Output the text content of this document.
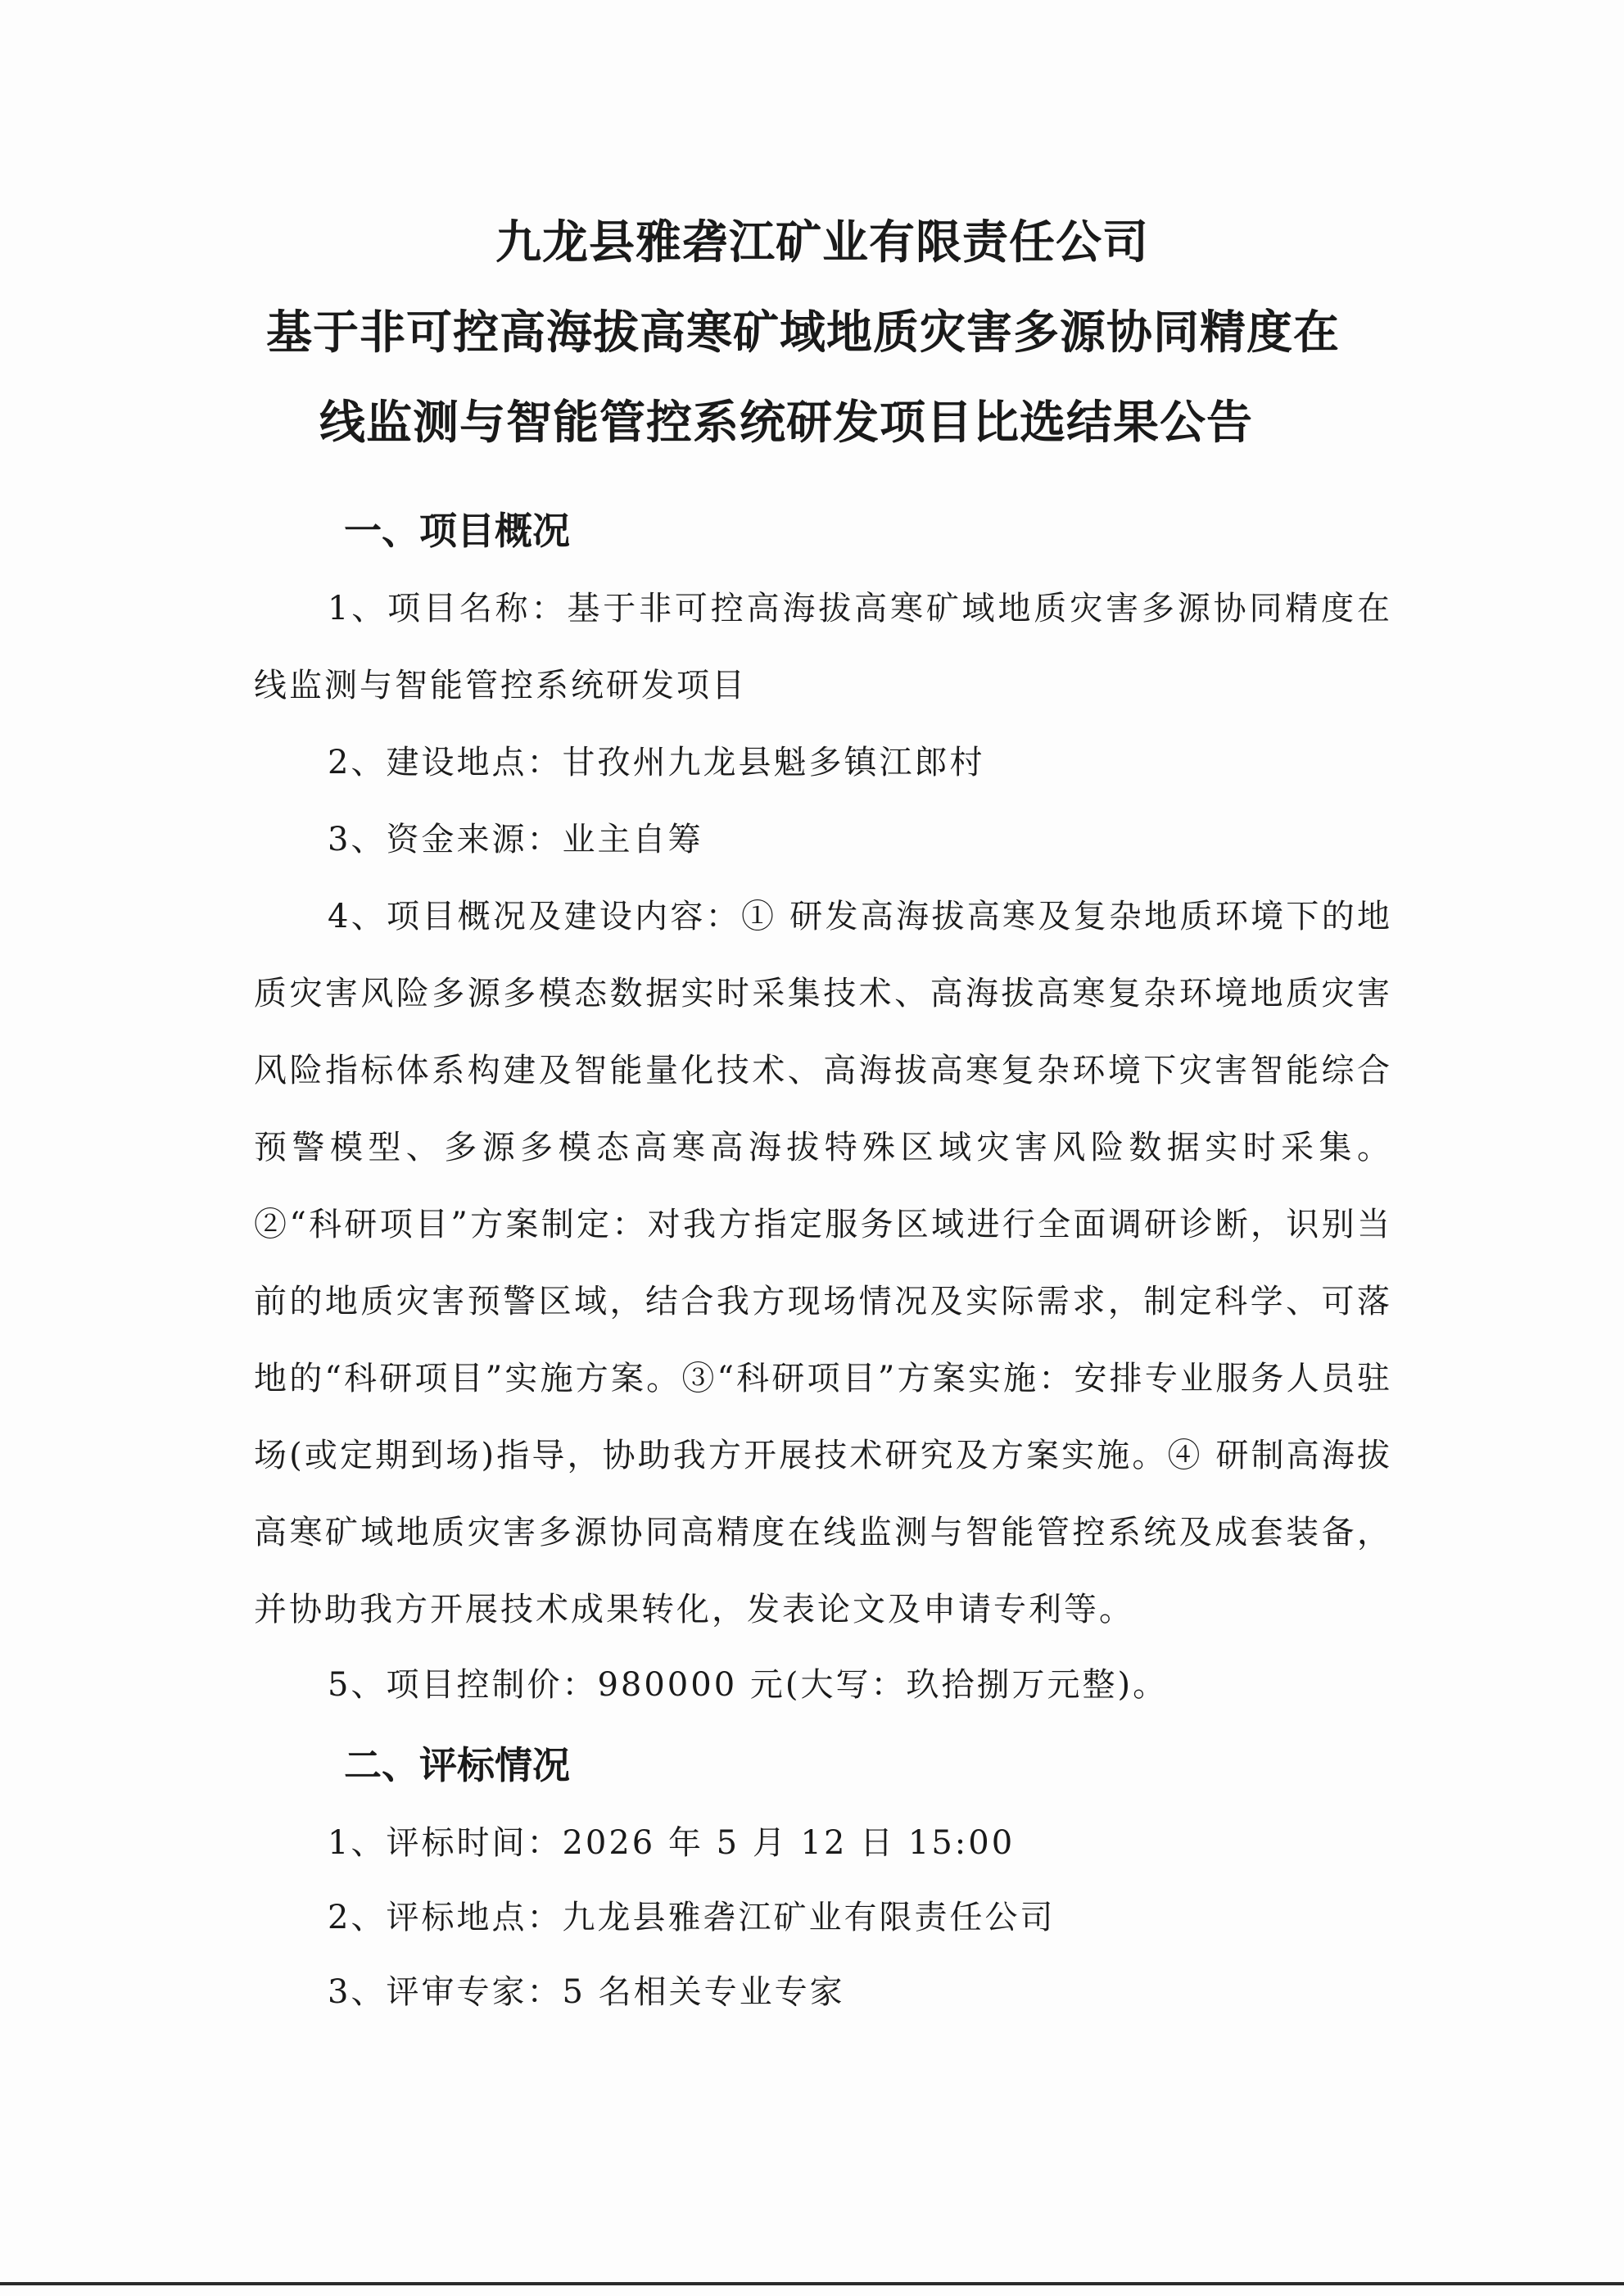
九龙县雅砻江矿业有限责任公司
基于非可控高海拔高寒矿域地质灾害多源协同精度在
线监测与智能管控系统研发项目比选结果公告
一、项目概况

1、项目名称：基于非可控高海拔高寒矿域地质灾害多源协同精度在线监测与智能管控系统研发项目

2、建设地点：甘孜州九龙县魁多镇江郎村
3、资金来源：业主自筹

4、项目概况及建设内容：① 研发高海拔高寒及复杂地质环境下的地质灾害风险多源多模态数据实时采集技术、高海拔高寒复杂环境地质灾害风险指标体系构建及智能量化技术、高海拔高寒复杂环境下灾害智能综合预警模型、多源多模态高寒高海拔特殊区域灾害风险数据实时采集。②“科研项目”方案制定：对我方指定服务区域进行全面调研诊断，识别当前的地质灾害预警区域，结合我方现场情况及实际需求，制定科学、可落地的“科研项目”实施方案。③“科研项目”方案实施：安排专业服务人员驻场(或定期到场)指导，协助我方开展技术研究及方案实施。④ 研制高海拔高寒矿域地质灾害多源协同高精度在线监测与智能管控系统及成套装备，并协助我方开展技术成果转化，发表论文及申请专利等。

5、项目控制价：980000 元(大写：玖拾捌万元整)。
二、评标情况
1、评标时间：2026 年 5 月 12 日 15:00
2、评标地点：九龙县雅砻江矿业有限责任公司
3、评审专家：5 名相关专业专家
